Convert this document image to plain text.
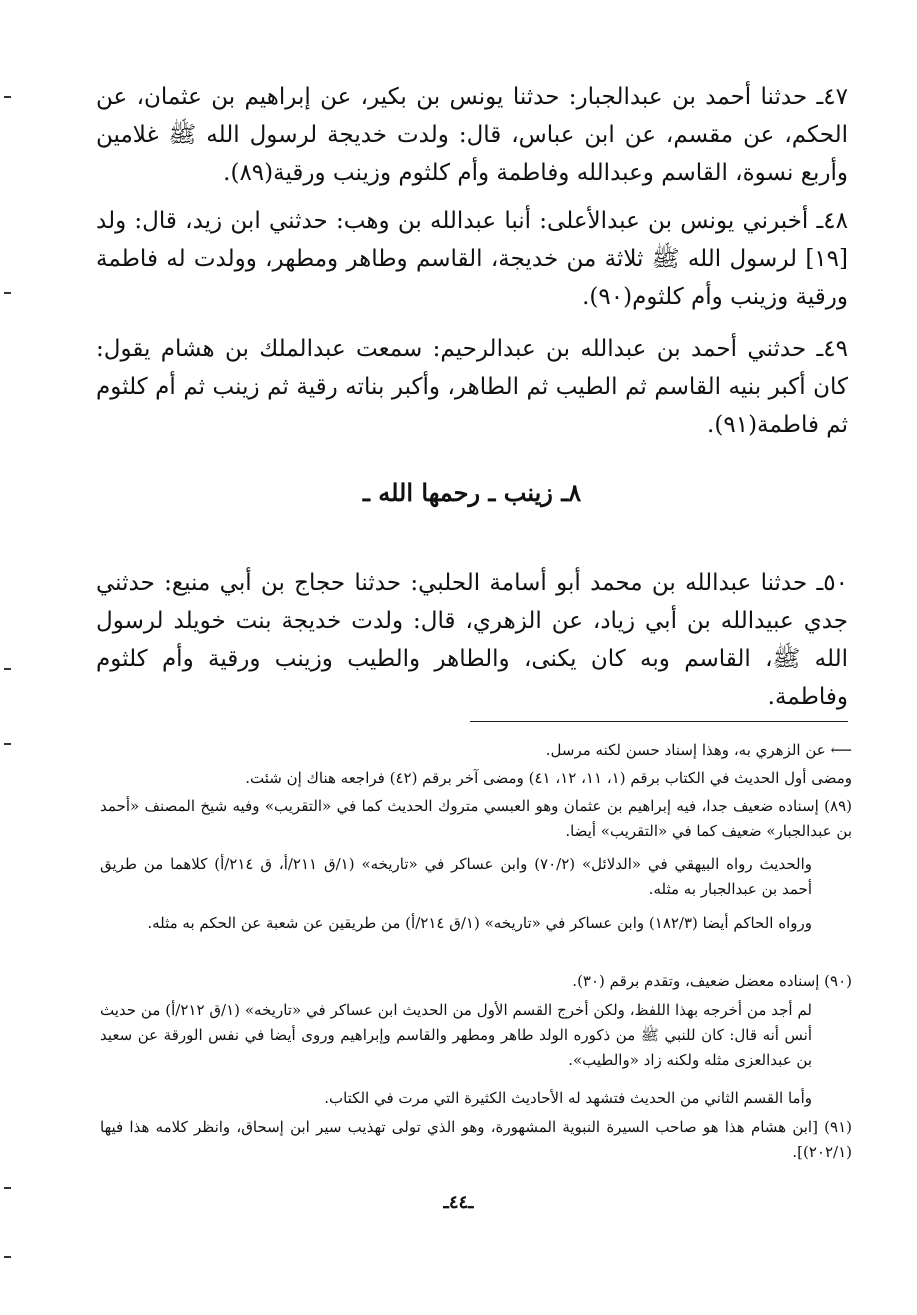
٤٧ـ حدثنا أحمد بن عبدالجبار: حدثنا يونس بن بكير، عن إبراهيم بن عثمان، عن الحكم، عن مقسم، عن ابن عباس، قال: ولدت خديجة لرسول الله ﷺ غلامين وأربع نسوة، القاسم وعبدالله وفاطمة وأم كلثوم وزينب ورقية(٨٩).

٤٨ـ أخبرني يونس بن عبدالأعلى: أنبا عبدالله بن وهب: حدثني ابن زيد، قال: ولد [١٩] لرسول الله ﷺ ثلاثة من خديجة، القاسم وطاهر ومطهر، وولدت له فاطمة ورقية وزينب وأم كلثوم(٩٠).

٤٩ـ حدثني أحمد بن عبدالله بن عبدالرحيم: سمعت عبدالملك بن هشام يقول: كان أكبر بنيه القاسم ثم الطيب ثم الطاهر، وأكبر بناته رقية ثم زينب ثم أم كلثوم ثم فاطمة(٩١).

٨ـ زينب ـ رحمها الله ـ

٥٠ـ حدثنا عبدالله بن محمد أبو أسامة الحلبي: حدثنا حجاج بن أبي منيع: حدثني جدي عبيدالله بن أبي زياد، عن الزهري، قال: ولدت خديجة بنت خويلد لرسول الله ﷺ، القاسم وبه كان يكنى، والطاهر والطيب وزينب ورقية وأم كلثوم وفاطمة.

⟵ عن الزهري به، وهذا إسناد حسن لكنه مرسل.

ومضى أول الحديث في الكتاب برقم (١، ١١، ١٢، ٤١) ومضى آخر برقم (٤٢) فراجعه هناك إن شئت.

(٨٩) إسناده ضعيف جدا، فيه إبراهيم بن عثمان وهو العبسي متروك الحديث كما في «التقريب» وفيه شيخ المصنف «أحمد بن عبدالجبار» ضعيف كما في «التقريب» أيضا.

والحديث رواه البيهقي في «الدلائل» (٧٠/٢) وابن عساكر في «تاريخه» (١/ق ٢١١/أ، ق ٢١٤/أ) كلاهما من طريق أحمد بن عبدالجبار به مثله.

ورواه الحاكم أيضا (١٨٢/٣) وابن عساكر في «تاريخه» (١/ق ٢١٤/أ) من طريقين عن شعبة عن الحكم به مثله.

(٩٠) إسناده معضل ضعيف، وتقدم برقم (٣٠).

لم أجد من أخرجه بهذا اللفظ، ولكن أخرج القسم الأول من الحديث ابن عساكر في «تاريخه» (١/ق ٢١٢/أ) من حديث أنس أنه قال: كان للنبي ﷺ من ذكوره الولد طاهر ومطهر والقاسم وإبراهيم وروى أيضا في نفس الورقة عن سعيد بن عبدالعزى مثله ولكنه زاد «والطيب».

وأما القسم الثاني من الحديث فتشهد له الأحاديث الكثيرة التي مرت في الكتاب.

(٩١) [ابن هشام هذا هو صاحب السيرة النبوية المشهورة، وهو الذي تولى تهذيب سير ابن إسحاق، وانظر كلامه هذا فيها (٢٠٢/١)].

ـ٤٤ـ
